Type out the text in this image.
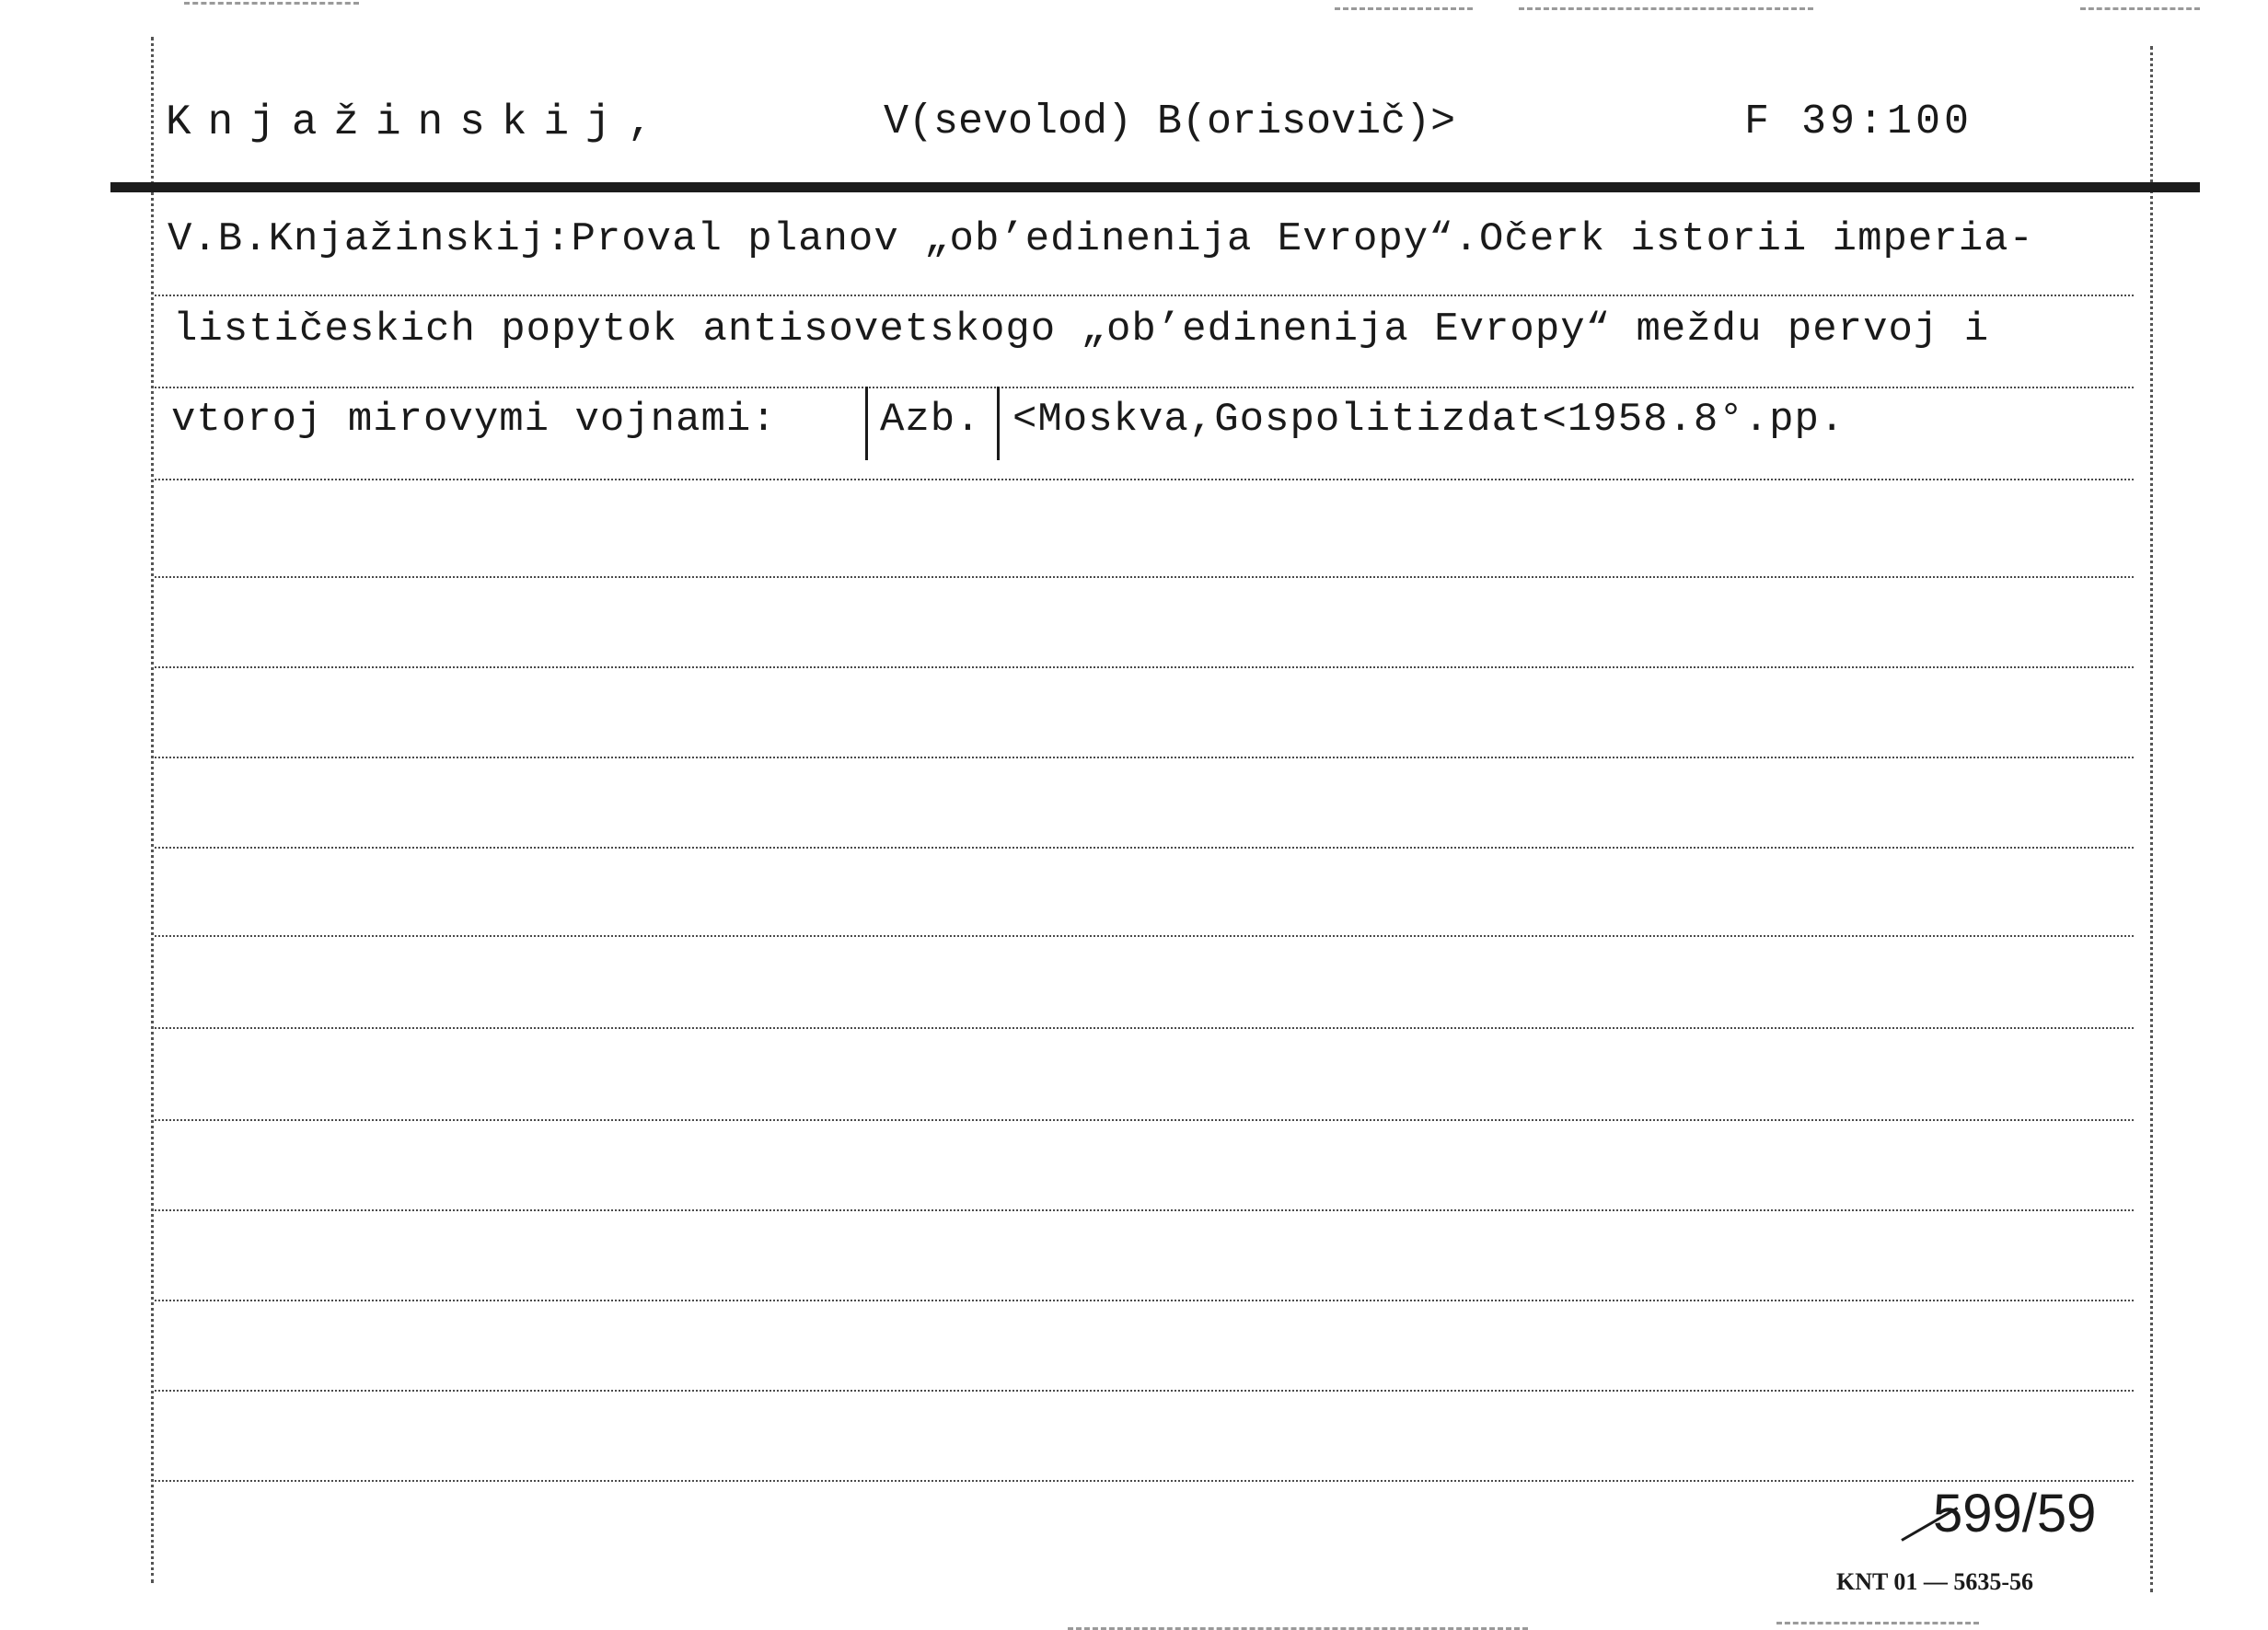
Knjažinskij,	V(sevolod) B(orisovič)>	F 39:100
V.B.Knjažinskij:Proval planov „ob’edinenija Evropy“.Očerk istorii imperia-
lističeskich popytok antisovetskogo „ob’edinenija Evropy“ meždu pervoj i
vtoroj mirovymi vojnami:	Azb. <Moskva,Gospolitizdat<1958.8°.pp.
599/59
KNT 01 — 5635-56
